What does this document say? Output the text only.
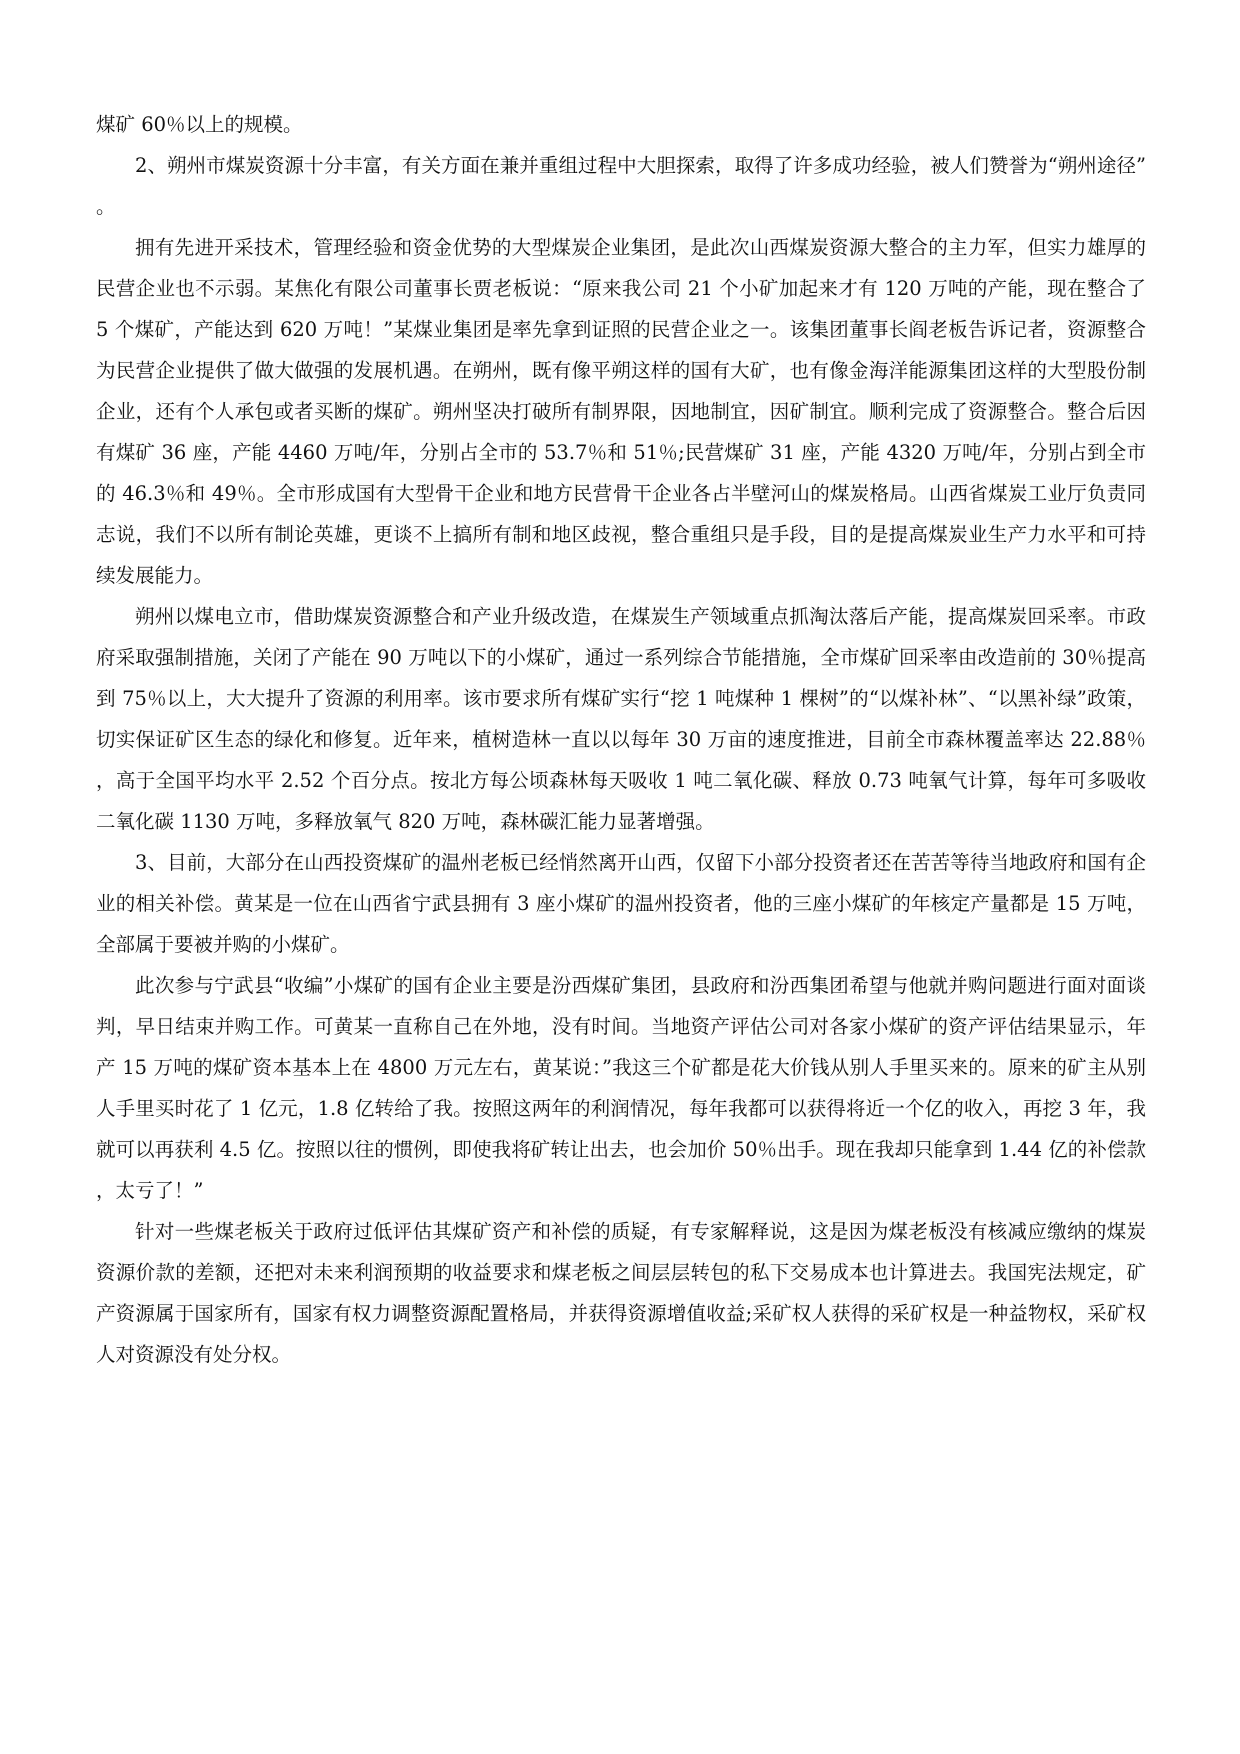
煤矿 60％以上的规模。

2、朔州市煤炭资源十分丰富，有关方面在兼并重组过程中大胆探索，取得了许多成功经验，被人们赞誉为“朔州途径”。

拥有先进开采技术，管理经验和资金优势的大型煤炭企业集团，是此次山西煤炭资源大整合的主力军，但实力雄厚的民营企业也不示弱。某焦化有限公司董事长贾老板说：“原来我公司 21 个小矿加起来才有 120 万吨的产能，现在整合了 5 个煤矿，产能达到 620 万吨！”某煤业集团是率先拿到证照的民营企业之一。该集团董事长阎老板告诉记者，资源整合为民营企业提供了做大做强的发展机遇。在朔州，既有像平朔这样的国有大矿，也有像金海洋能源集团这样的大型股份制企业，还有个人承包或者买断的煤矿。朔州坚决打破所有制界限，因地制宜，因矿制宜。顺利完成了资源整合。整合后因有煤矿 36 座，产能 4460 万吨/年，分别占全市的 53.7％和 51％;民营煤矿 31 座，产能 4320 万吨/年，分别占到全市的 46.3％和 49％。全市形成国有大型骨干企业和地方民营骨干企业各占半壁河山的煤炭格局。山西省煤炭工业厅负责同志说，我们不以所有制论英雄，更谈不上搞所有制和地区歧视，整合重组只是手段，目的是提高煤炭业生产力水平和可持续发展能力。

朔州以煤电立市，借助煤炭资源整合和产业升级改造，在煤炭生产领域重点抓淘汰落后产能，提高煤炭回采率。市政府采取强制措施，关闭了产能在 90 万吨以下的小煤矿，通过一系列综合节能措施，全市煤矿回采率由改造前的 30％提高到 75％以上，大大提升了资源的利用率。该市要求所有煤矿实行“挖 1 吨煤种 1 棵树”的“以煤补林”、“以黑补绿”政策，切实保证矿区生态的绿化和修复。近年来，植树造林一直以以每年 30 万亩的速度推进，目前全市森林覆盖率达 22.88％，高于全国平均水平 2.52 个百分点。按北方每公顷森林每天吸收 1 吨二氧化碳、释放 0.73 吨氧气计算，每年可多吸收二氧化碳 1130 万吨，多释放氧气 820 万吨，森林碳汇能力显著增强。

3、目前，大部分在山西投资煤矿的温州老板已经悄然离开山西，仅留下小部分投资者还在苦苦等待当地政府和国有企业的相关补偿。黄某是一位在山西省宁武县拥有 3 座小煤矿的温州投资者，他的三座小煤矿的年核定产量都是 15 万吨，全部属于要被并购的小煤矿。

此次参与宁武县“收编”小煤矿的国有企业主要是汾西煤矿集团，县政府和汾西集团希望与他就并购问题进行面对面谈判，早日结束并购工作。可黄某一直称自己在外地，没有时间。当地资产评估公司对各家小煤矿的资产评估结果显示，年产 15 万吨的煤矿资本基本上在 4800 万元左右，黄某说：”我这三个矿都是花大价钱从别人手里买来的。原来的矿主从别人手里买时花了 1 亿元，1.8 亿转给了我。按照这两年的利润情况，每年我都可以获得将近一个亿的收入，再挖 3 年，我就可以再获利 4.5 亿。按照以往的惯例，即使我将矿转让出去，也会加价 50％出手。现在我却只能拿到 1.44 亿的补偿款，太亏了！”

针对一些煤老板关于政府过低评估其煤矿资产和补偿的质疑，有专家解释说，这是因为煤老板没有核减应缴纳的煤炭资源价款的差额，还把对未来利润预期的收益要求和煤老板之间层层转包的私下交易成本也计算进去。我国宪法规定，矿产资源属于国家所有，国家有权力调整资源配置格局，并获得资源增值收益;采矿权人获得的采矿权是一种益物权，采矿权人对资源没有处分权。
